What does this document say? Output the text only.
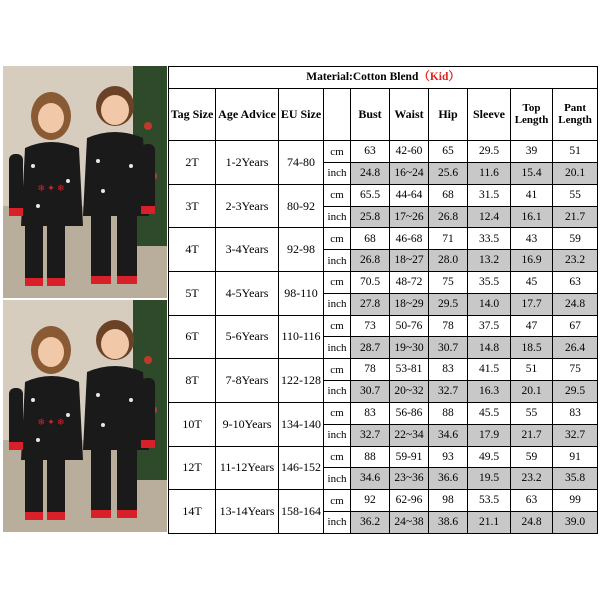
❄ ✦ ❄
❄ ✦ ❄
Material:Cotton Blend（Kid）									
Tag Size	Age Advice	EU Size		Bust	Waist	Hip	Sleeve	Top Length	Pant Length
2T	1-2Years	74-80	cm	63	42-60	65	29.5	39	51
			inch	24.8	16~24	25.6	11.6	15.4	20.1
3T	2-3Years	80-92	cm	65.5	44-64	68	31.5	41	55
			inch	25.8	17~26	26.8	12.4	16.1	21.7
4T	3-4Years	92-98	cm	68	46-68	71	33.5	43	59
			inch	26.8	18~27	28.0	13.2	16.9	23.2
5T	4-5Years	98-110	cm	70.5	48-72	75	35.5	45	63
			inch	27.8	18~29	29.5	14.0	17.7	24.8
6T	5-6Years	110-116	cm	73	50-76	78	37.5	47	67
			inch	28.7	19~30	30.7	14.8	18.5	26.4
8T	7-8Years	122-128	cm	78	53-81	83	41.5	51	75
			inch	30.7	20~32	32.7	16.3	20.1	29.5
10T	9-10Years	134-140	cm	83	56-86	88	45.5	55	83
			inch	32.7	22~34	34.6	17.9	21.7	32.7
12T	11-12Years	146-152	cm	88	59-91	93	49.5	59	91
			inch	34.6	23~36	36.6	19.5	23.2	35.8
14T	13-14Years	158-164	cm	92	62-96	98	53.5	63	99
			inch	36.2	24~38	38.6	21.1	24.8	39.0
